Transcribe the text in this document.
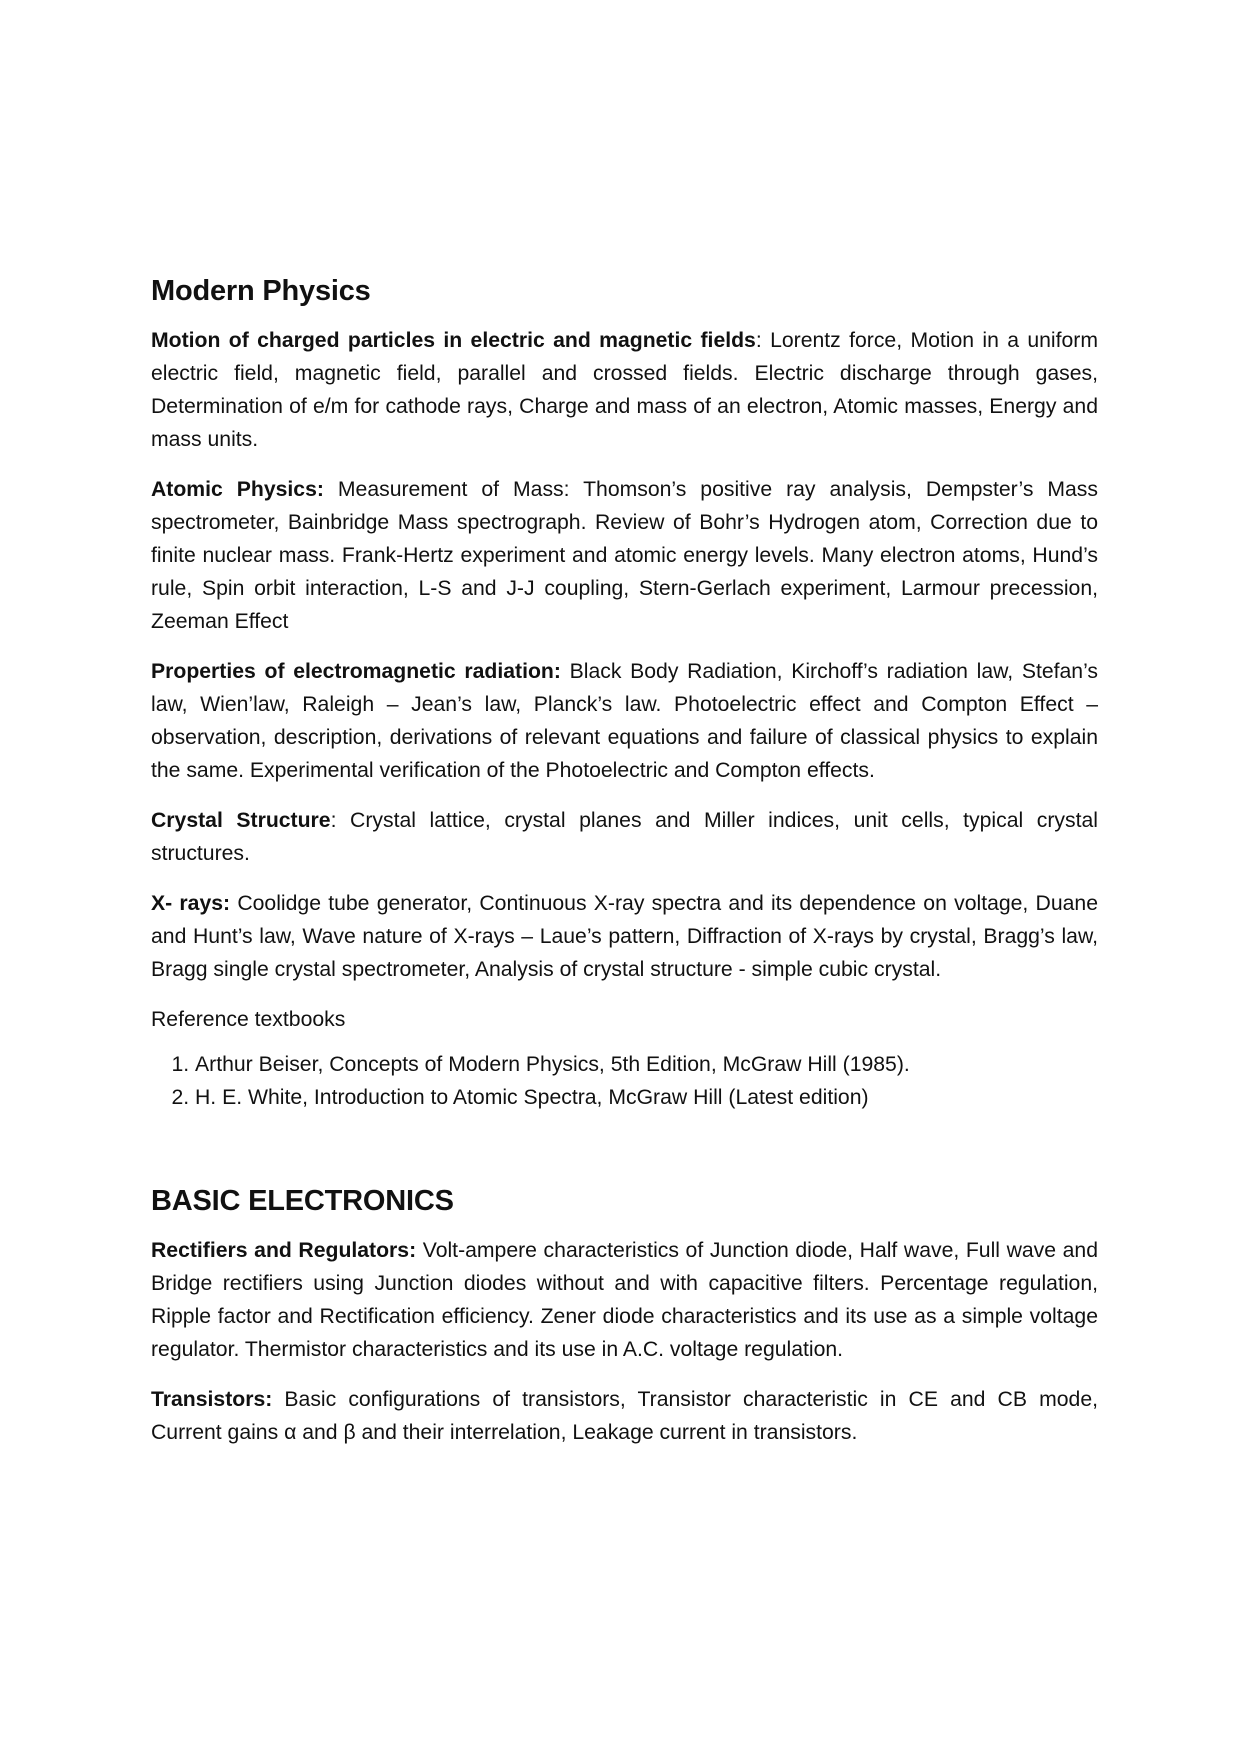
Modern Physics

Motion of charged particles in electric and magnetic fields: Lorentz force, Motion in a uniform electric field, magnetic field, parallel and crossed fields. Electric discharge through gases, Determination of e/m for cathode rays, Charge and mass of an electron, Atomic masses, Energy and mass units.

Atomic Physics: Measurement of Mass: Thomson’s positive ray analysis, Dempster’s Mass spectrometer, Bainbridge Mass spectrograph. Review of Bohr’s Hydrogen atom, Correction due to finite nuclear mass. Frank-Hertz experiment and atomic energy levels. Many electron atoms, Hund’s rule, Spin orbit interaction, L-S and J-J coupling, Stern-Gerlach experiment, Larmour precession, Zeeman Effect

Properties of electromagnetic radiation: Black Body Radiation, Kirchoff’s radiation law, Stefan’s law, Wien’law, Raleigh – Jean’s law, Planck’s law. Photoelectric effect and Compton Effect – observation, description, derivations of relevant equations and failure of classical physics to explain the same. Experimental verification of the Photoelectric and Compton effects.

Crystal Structure: Crystal lattice, crystal planes and Miller indices, unit cells, typical crystal structures.

X- rays: Coolidge tube generator, Continuous X-ray spectra and its dependence on voltage, Duane and Hunt’s law, Wave nature of X-rays – Laue’s pattern, Diffraction of X-rays by crystal, Bragg’s law, Bragg single crystal spectrometer, Analysis of crystal structure - simple cubic crystal.

Reference textbooks

1. Arthur Beiser, Concepts of Modern Physics, 5th Edition, McGraw Hill (1985).
2. H. E. White, Introduction to Atomic Spectra, McGraw Hill (Latest edition)
BASIC ELECTRONICS

Rectifiers and Regulators: Volt-ampere characteristics of Junction diode, Half wave, Full wave and Bridge rectifiers using Junction diodes without and with capacitive filters. Percentage regulation, Ripple factor and Rectification efficiency. Zener diode characteristics and its use as a simple voltage regulator. Thermistor characteristics and its use in A.C. voltage regulation.

Transistors: Basic configurations of transistors, Transistor characteristic in CE and CB mode, Current gains α and β and their interrelation, Leakage current in transistors.
